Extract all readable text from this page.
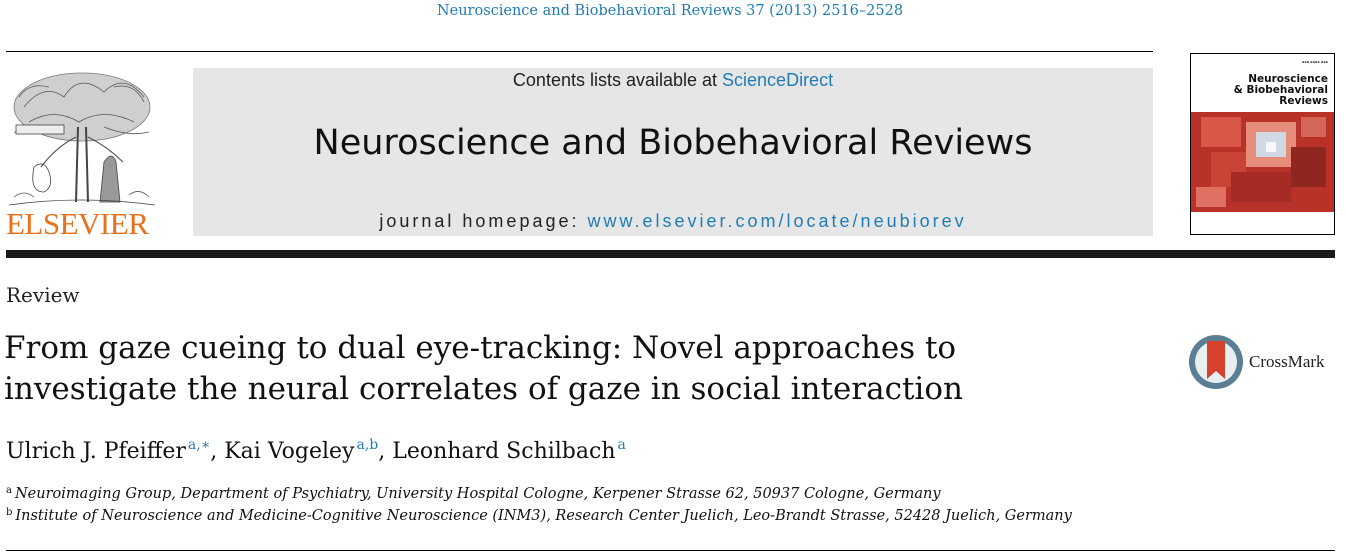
Neuroscience and Biobehavioral Reviews 37 (2013) 2516–2528
ELSEVIER
Contents lists available at ScienceDirect
Neuroscience and Biobehavioral Reviews
journal homepage: www.elsevier.com/locate/neubiorev
▪▪▪ ▪▪▪▪ ▪▪▪
Neuroscience
& Biobehavioral
Reviews
Review
From gaze cueing to dual eye-tracking: Novel approaches to
investigate the neural correlates of gaze in social interaction
Ulrich J. Pfeiffer $^{a,∗}$, Kai Vogeley $^{a,b}$, Leonhard Schilbach $^a$
$^a$ Neuroimaging Group, Department of Psychiatry, University Hospital Cologne, Kerpener Strasse 62, 50937 Cologne, Germany
$^b$ Institute of Neuroscience and Medicine-Cognitive Neuroscience (INM3), Research Center Juelich, Leo-Brandt Strasse, 52428 Juelich, Germany
CrossMark
